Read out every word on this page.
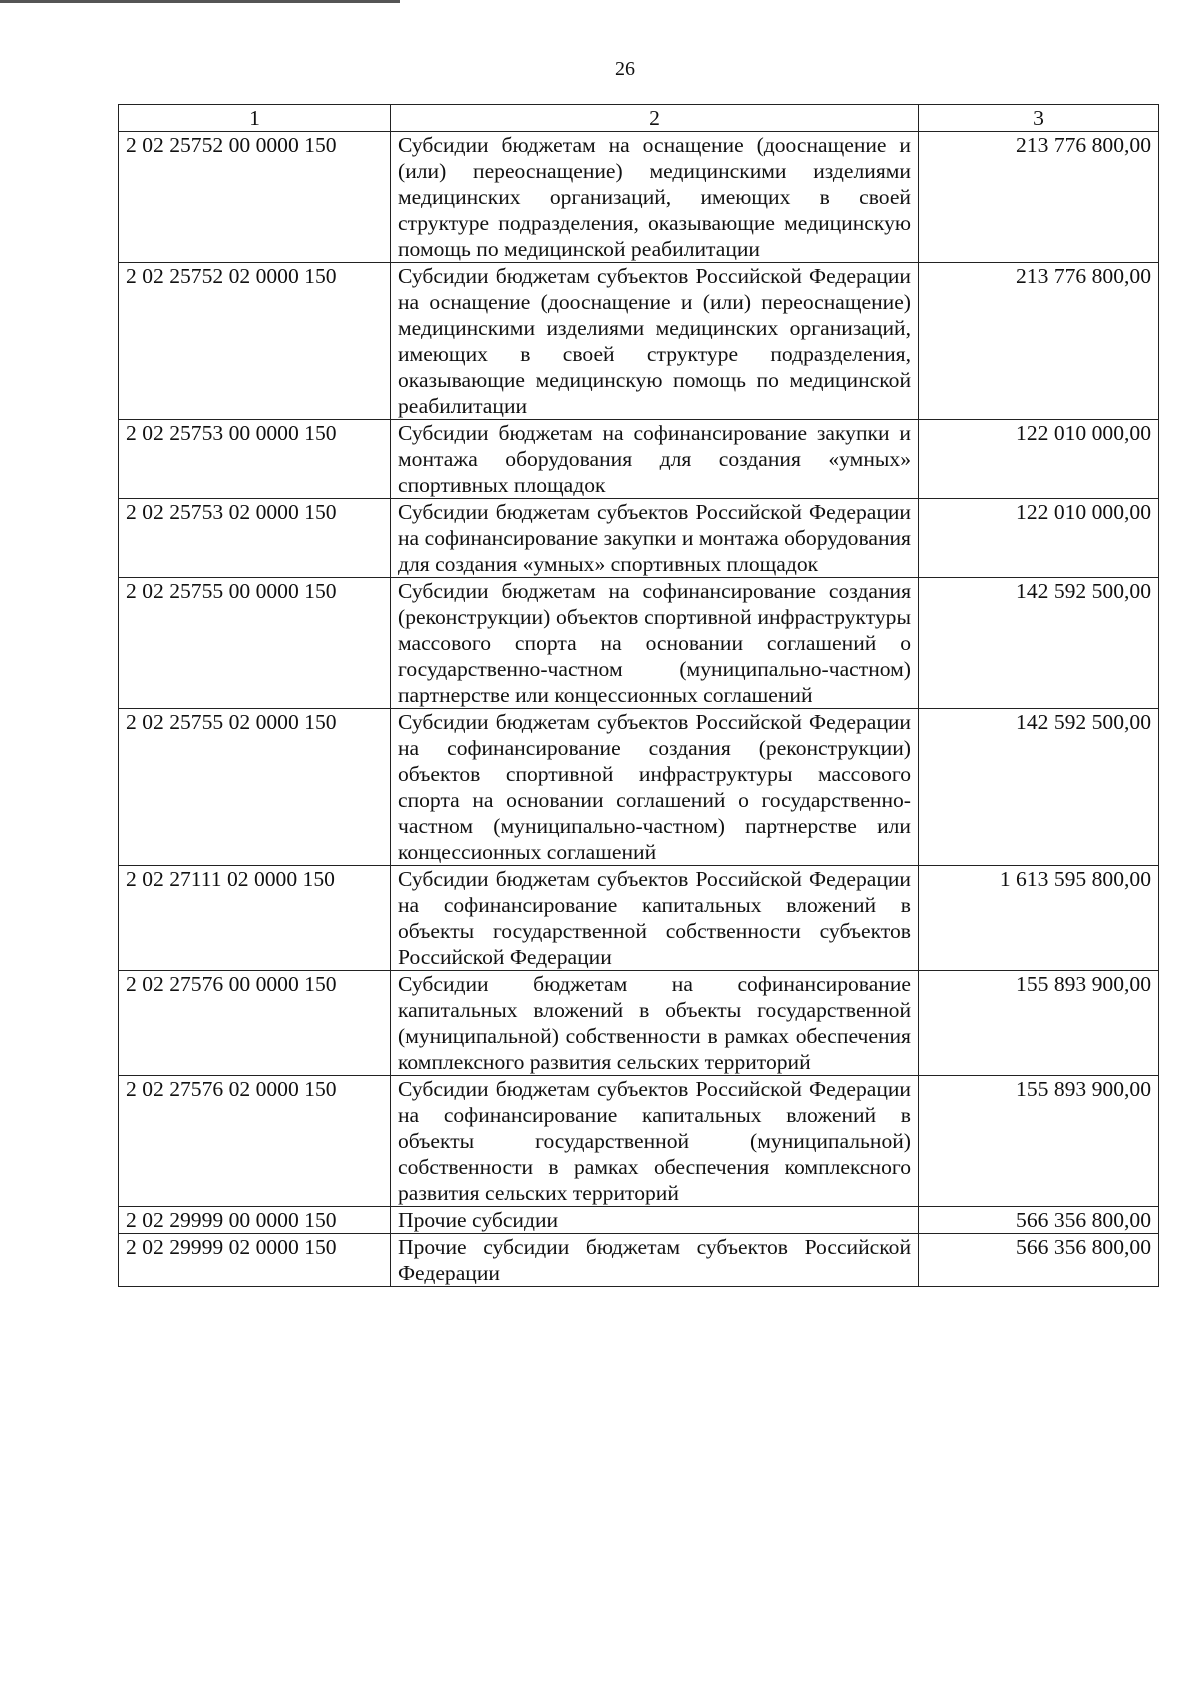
26
1	2	3
2 02 25752 00 0000 150	Субсидии бюджетам на оснащение (дооснащение и (или) переоснащение) медицинскими изделиями медицинских организаций, имеющих в своей структуре подразделения, оказывающие медицинскую помощь по медицинской реабилитации	213 776 800,00
2 02 25752 02 0000 150	Субсидии бюджетам субъектов Российской Федерации на оснащение (дооснащение и (или) переоснащение) медицинскими изделиями медицинских организаций, имеющих в своей структуре подразделения, оказывающие медицинскую помощь по медицинской реабилитации	213 776 800,00
2 02 25753 00 0000 150	Субсидии бюджетам на софинансирование закупки и монтажа оборудования для создания «умных» спортивных площадок	122 010 000,00
2 02 25753 02 0000 150	Субсидии бюджетам субъектов Российской Федерации на софинансирование закупки и монтажа оборудования для создания «умных» спортивных площадок	122 010 000,00
2 02 25755 00 0000 150	Субсидии бюджетам на софинансирование создания (реконструкции) объектов спортивной инфраструктуры массового спорта на основании соглашений о государственно-частном (муниципально-частном) партнерстве или концессионных соглашений	142 592 500,00
2 02 25755 02 0000 150	Субсидии бюджетам субъектов Российской Федерации на софинансирование создания (реконструкции) объектов спортивной инфраструктуры массового спорта на основании соглашений о государственно-частном (муниципально-частном) партнерстве или концессионных соглашений	142 592 500,00
2 02 27111 02 0000 150	Субсидии бюджетам субъектов Российской Федерации на софинансирование капитальных вложений в объекты государственной собственности субъектов Российской Федерации	1 613 595 800,00
2 02 27576 00 0000 150	Субсидии бюджетам на софинансирование капитальных вложений в объекты государственной (муниципальной) собственности в рамках обеспечения комплексного развития сельских территорий	155 893 900,00
2 02 27576 02 0000 150	Субсидии бюджетам субъектов Российской Федерации на софинансирование капитальных вложений в объекты государственной (муниципальной) собственности в рамках обеспечения комплексного развития сельских территорий	155 893 900,00
2 02 29999 00 0000 150	Прочие субсидии	566 356 800,00
2 02 29999 02 0000 150	Прочие субсидии бюджетам субъектов Российской Федерации	566 356 800,00
